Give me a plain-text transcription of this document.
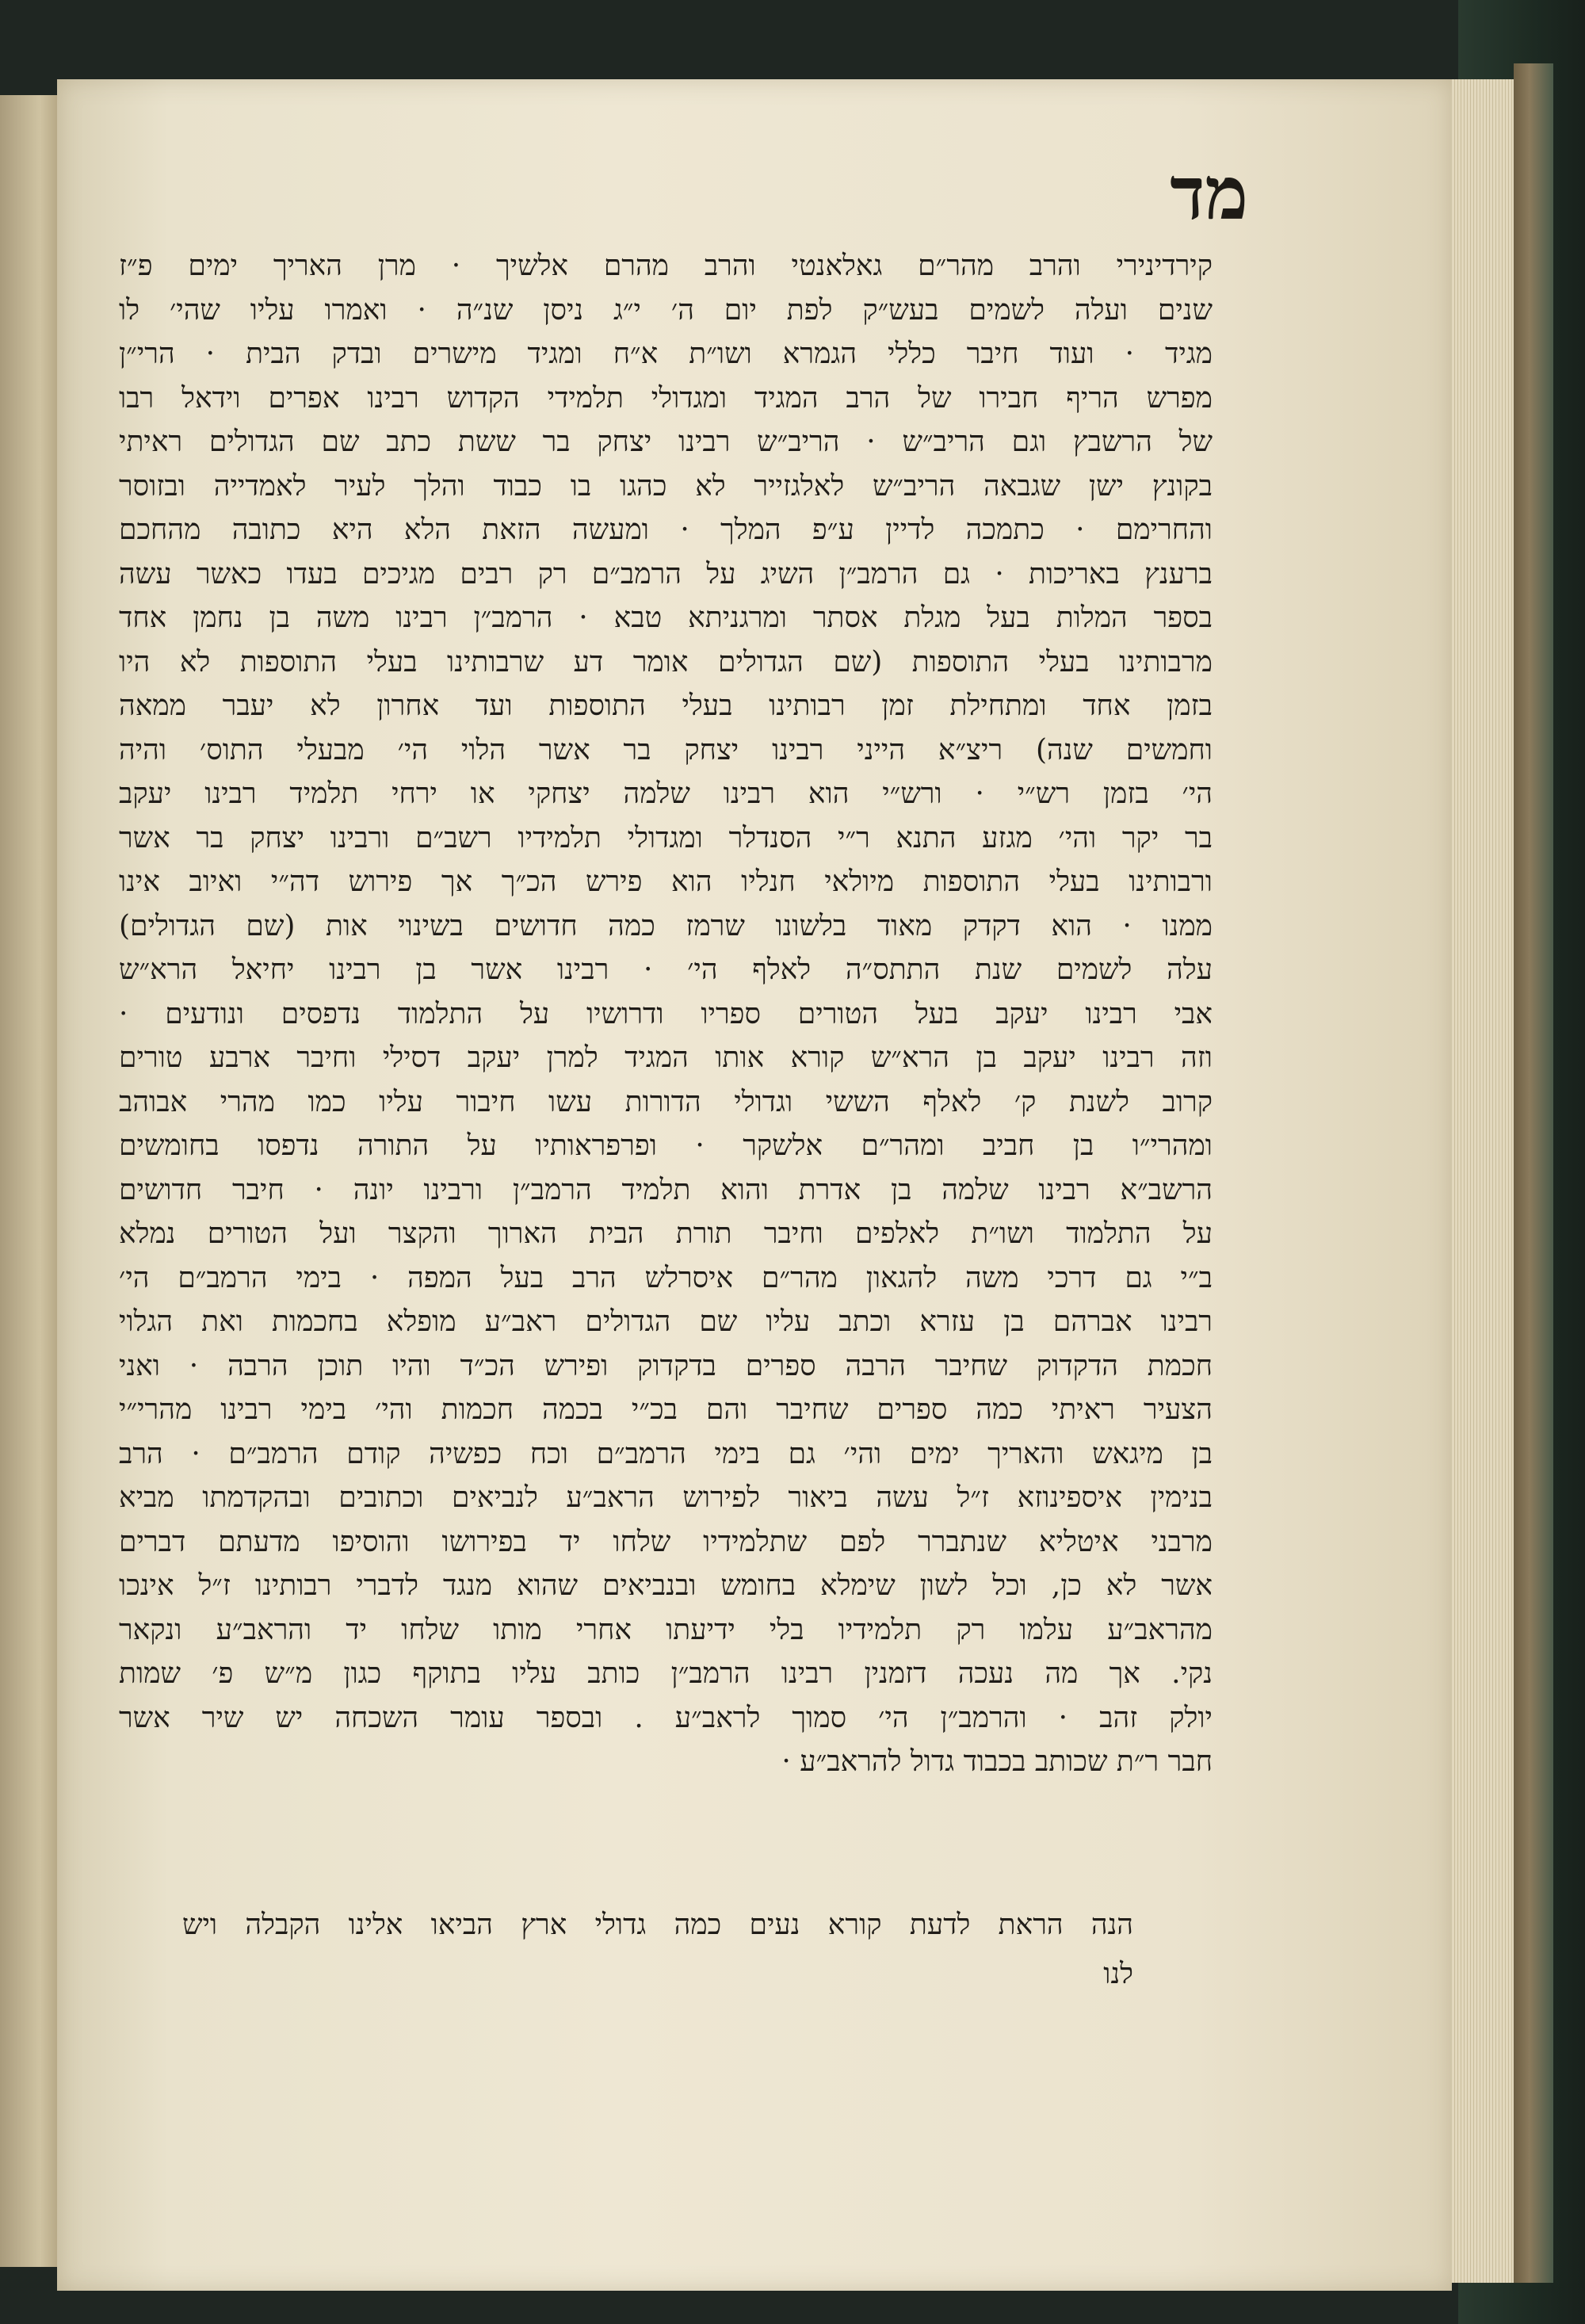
מד
קירדינירי והרב מהר״ם גאלאנטי והרב מהרם אלשיך · מרן האריך ימים פ״ז
שנים ועלה לשמים בעש״ק לפת יום ה׳ י״ג ניסן שנ״ה · ואמרו עליו שהי׳ לו
מגיד · ועוד חיבר כללי הגמרא ושו״ת א״ח ומגיד מישרים ובדק הבית · הרי״ן
מפרש הריף חבירו של הרב המגיד ומגדולי תלמידי הקדוש רבינו אפרים וידאל רבו
של הרשבץ וגם הריב״ש · הריב״ש רבינו יצחק בר ששת כתב שם הגדולים ראיתי
בקונץ ישן שגבאה הריב״ש לאלגזייר לא כהגו בו כבוד והלך לעיר לאמדייה ובזוסר
והחרימם · כתמכה לדיין ע״פ המלך · ומעשה הזאת הלא היא כתובה מהחכם
ברענץ באריכות · גם הרמב״ן השיג על הרמב״ם רק רבים מגיכים בעדו כאשר עשה
בספר המלות בעל מגלת אסתר ומרגניתא טבא · הרמב״ן רבינו משה בן נחמן אחד
מרבותינו בעלי התוספות (שם הגדולים אומר דע שרבותינו בעלי התוספות לא היו
בזמן אחד ומתחילת זמן רבותינו בעלי התוספות ועד אחרון לא יעבר ממאה
וחמשים שנה) ריצ״א הייני רבינו יצחק בר אשר הלוי הי׳ מבעלי התוס׳ והיה
הי׳ בזמן רש״י · ורש״י הוא רבינו שלמה יצחקי או ירחי תלמיד רבינו יעקב
בר יקר והי׳ מגזע התנא ר״י הסנדלר ומגדולי תלמידיו רשב״ם ורבינו יצחק בר אשר
ורבותינו בעלי התוספות מיולאי חנליו הוא פירש הכ״ך אך פירוש דה״י ואיוב אינו
ממנו · הוא דקדק מאוד בלשונו שרמז כמה חדושים בשינוי אות (שם הגדולים)
עלה לשמים שנת התתס״ה לאלף הי׳ · רבינו אשר בן רבינו יחיאל הרא״ש
אבי רבינו יעקב בעל הטורים ספריו ודרושיו על התלמוד נדפסים ונודעים ·
וזה רבינו יעקב בן הרא״ש קורא אותו המגיד למרן יעקב דסילי וחיבר ארבע טורים
קרוב לשנת ק׳ לאלף הששי וגדולי הדורות עשו חיבור עליו כמו מהרי אבוהב
ומהרי״ו בן חביב ומהר״ם אלשקר · ופרפראותיו על התורה נדפסו בחומשים
הרשב״א רבינו שלמה בן אדרת והוא תלמיד הרמב״ן ורבינו יונה · חיבר חדושים
על התלמוד ושו״ת לאלפים וחיבר תורת הבית הארוך והקצר ועל הטורים נמלא
ב״י גם דרכי משה להגאון מהר״ם איסרלש הרב בעל המפה · בימי הרמב״ם הי׳
רבינו אברהם בן עזרא וכתב עליו שם הגדולים ראב״ע מופלא בחכמות ואת הגלוי
חכמת הדקדוק שחיבר הרבה ספרים בדקדוק ופירש הכ״ד והיו תוכן הרבה · ואני
הצעיר ראיתי כמה ספרים שחיבר והם בכ״י בכמה חכמות והי׳ בימי רבינו מהרי״י
בן מיגאש והאריך ימים והי׳ גם בימי הרמב״ם וכח כפשיה קודם הרמב״ם · הרב
בנימין איספינוזא ז״ל עשה ביאור לפירוש הראב״ע לנביאים וכתובים ובהקדמתו מביא
מרבני איטליא שנתברר לפם שתלמידיו שלחו יד בפירושו והוסיפו מדעתם דברים
אשר לא כן, וכל לשון שימלא בחומש ובנביאים שהוא מנגד לדברי רבותינו ז״ל אינכו
מהראב״ע עלמו רק תלמידיו בלי ידיעתו אחרי מותו שלחו יד והראב״ע ונקאר
נקי. אך מה נעכה דזמנין רבינו הרמב״ן כותב עליו בתוקף כגון מ״ש פ׳ שמות
יולק זהב · והרמב״ן הי׳ סמוך לראב״ע . ובספר עומר השכחה יש שיר אשר
חבר ר״ת שכותב בכבוד גדול להראב״ע ·
הנה הראת לדעת קורא נעים כמה גדולי ארץ הביאו אלינו הקבלה ויש
לנו
